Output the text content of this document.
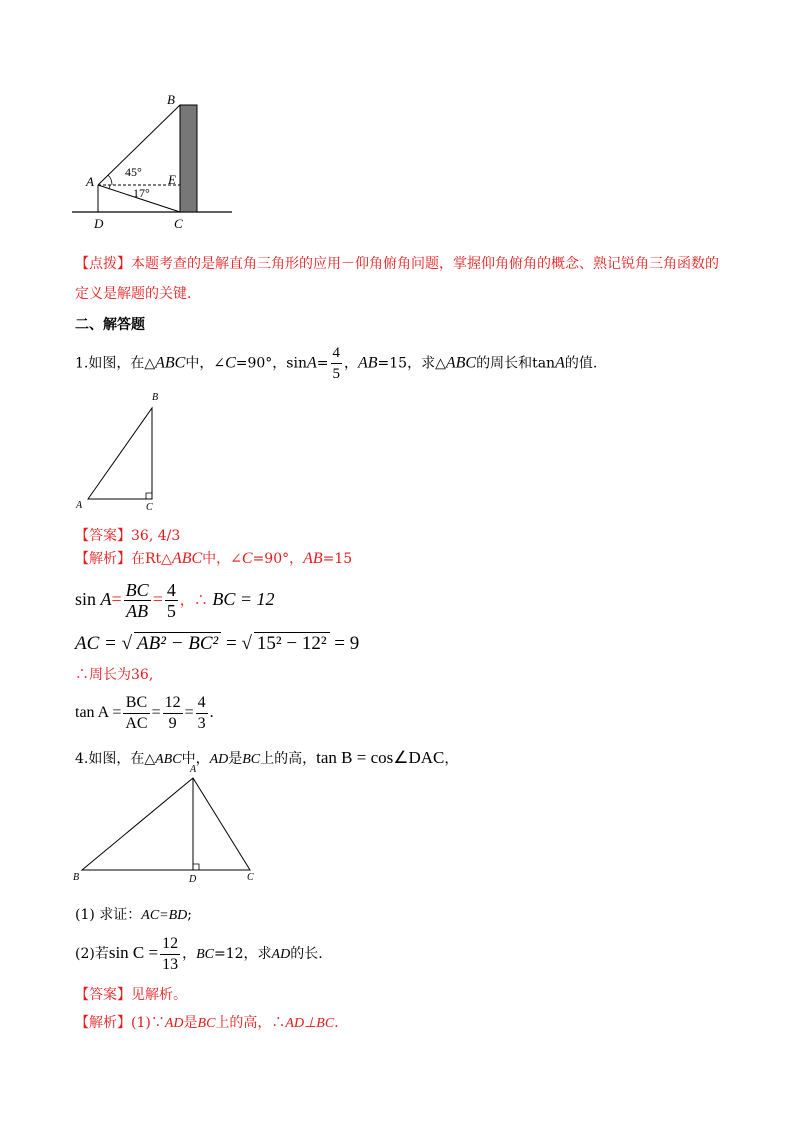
B
A	E
D	C
45°
17°
【点拨】本题考查的是解直角三角形的应用－仰角俯角问题，掌握仰角俯角的概念、熟记锐角三角函数的
定义是解题的关键.
二、解答题
1.如图，在△ABC中，∠C=90°，$\sin A= \frac{4}{5}$ ，AB=15，求△ABC的周长和tanA的值.
B
A	C
【答案】36, 4/3
【解析】在Rt△ABC中，∠C=90°，AB=15
$\sin A= \frac{BC}{AB} = \frac{4}{5}$ ，∴ BC = 12
AC = √ AB² − BC² = √ 15² − 12² = 9
∴周长为36,
$\tan A = \frac{BC}{AC} = \frac{12}{9} = \frac{4}{3}$ .
4.如图，在△ABC中，AD是BC上的高，tan B = cos∠DAC，
A
B	D	C
(1) 求证：AC=BD;
(2)若$\sin C = \frac{12}{13}$ ，BC=12，求AD的长.
【答案】见解析。
【解析】(1)∵AD是BC上的高，∴AD⊥BC.
